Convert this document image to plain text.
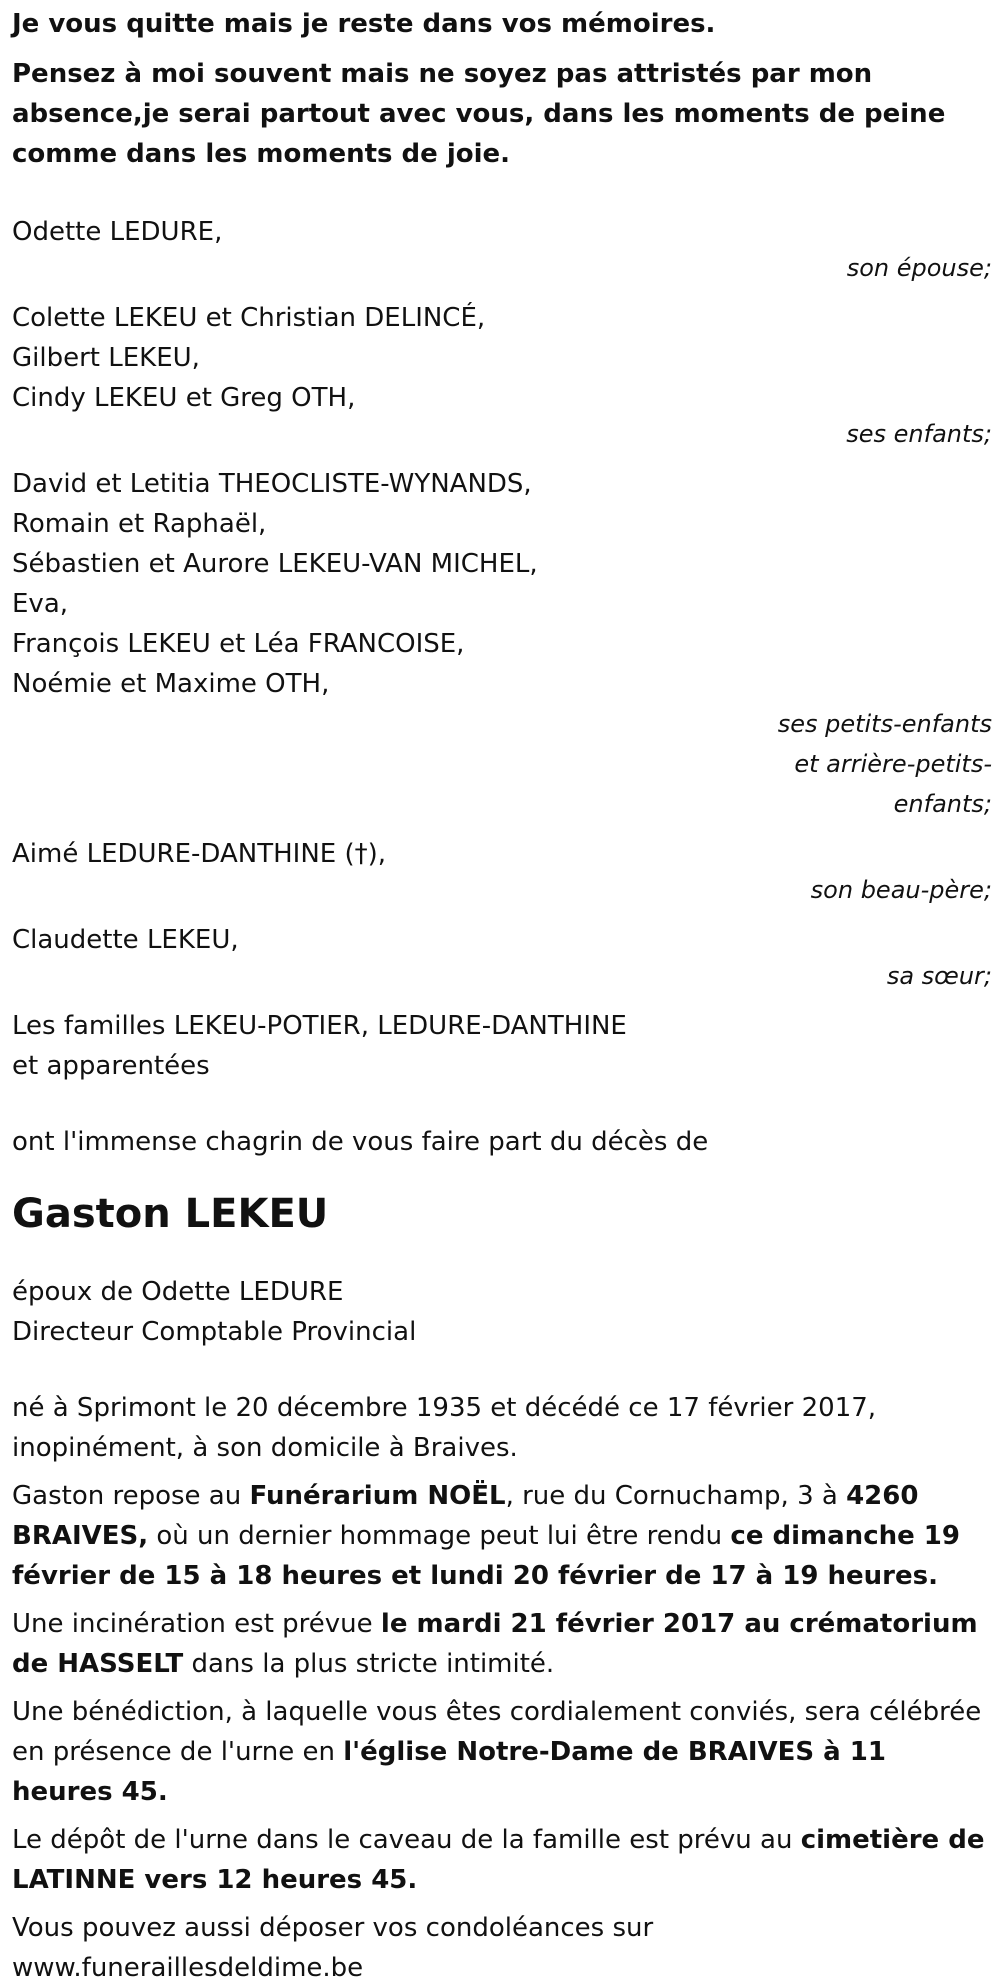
Je vous quitte mais je reste dans vos mémoires.

Pensez à moi souvent mais ne soyez pas attristés par mon absence,je serai partout avec vous, dans les moments de peine comme dans les moments de joie.

Odette LEDURE,

son épouse;

Colette LEKEU et Christian DELINCÉ,

Gilbert LEKEU,

Cindy LEKEU et Greg OTH,

ses enfants;

David et Letitia THEOCLISTE-WYNANDS,

Romain et Raphaël,

Sébastien et Aurore LEKEU-VAN MICHEL,

Eva,

François LEKEU et Léa FRANCOISE,

Noémie et Maxime OTH,

ses petits-enfants
et arrière-petits-
enfants;

Aimé LEDURE-DANTHINE (†),

son beau-père;

Claudette LEKEU,

sa sœur;

Les familles LEKEU-POTIER, LEDURE-DANTHINE

et apparentées

ont l'immense chagrin de vous faire part du décès de

Gaston LEKEU

époux de Odette LEDURE

Directeur Comptable Provincial

né à Sprimont le 20 décembre 1935 et décédé ce 17 février 2017, inopinément, à son domicile à Braives.

Gaston repose au Funérarium NOËL, rue du Cornuchamp, 3 à 4260 BRAIVES, où un dernier hommage peut lui être rendu ce dimanche 19 février de 15 à 18 heures et lundi 20 février de 17 à 19 heures.

Une incinération est prévue le mardi 21 février 2017 au crématorium de HASSELT dans la plus stricte intimité.

Une bénédiction, à laquelle vous êtes cordialement conviés, sera célébrée en présence de l'urne en l'église Notre-Dame de BRAIVES à 11 heures 45.

Le dépôt de l'urne dans le caveau de la famille est prévu au cimetière de LATINNE vers 12 heures 45.

Vous pouvez aussi déposer vos condoléances sur

www.funeraillesdeldime.be
